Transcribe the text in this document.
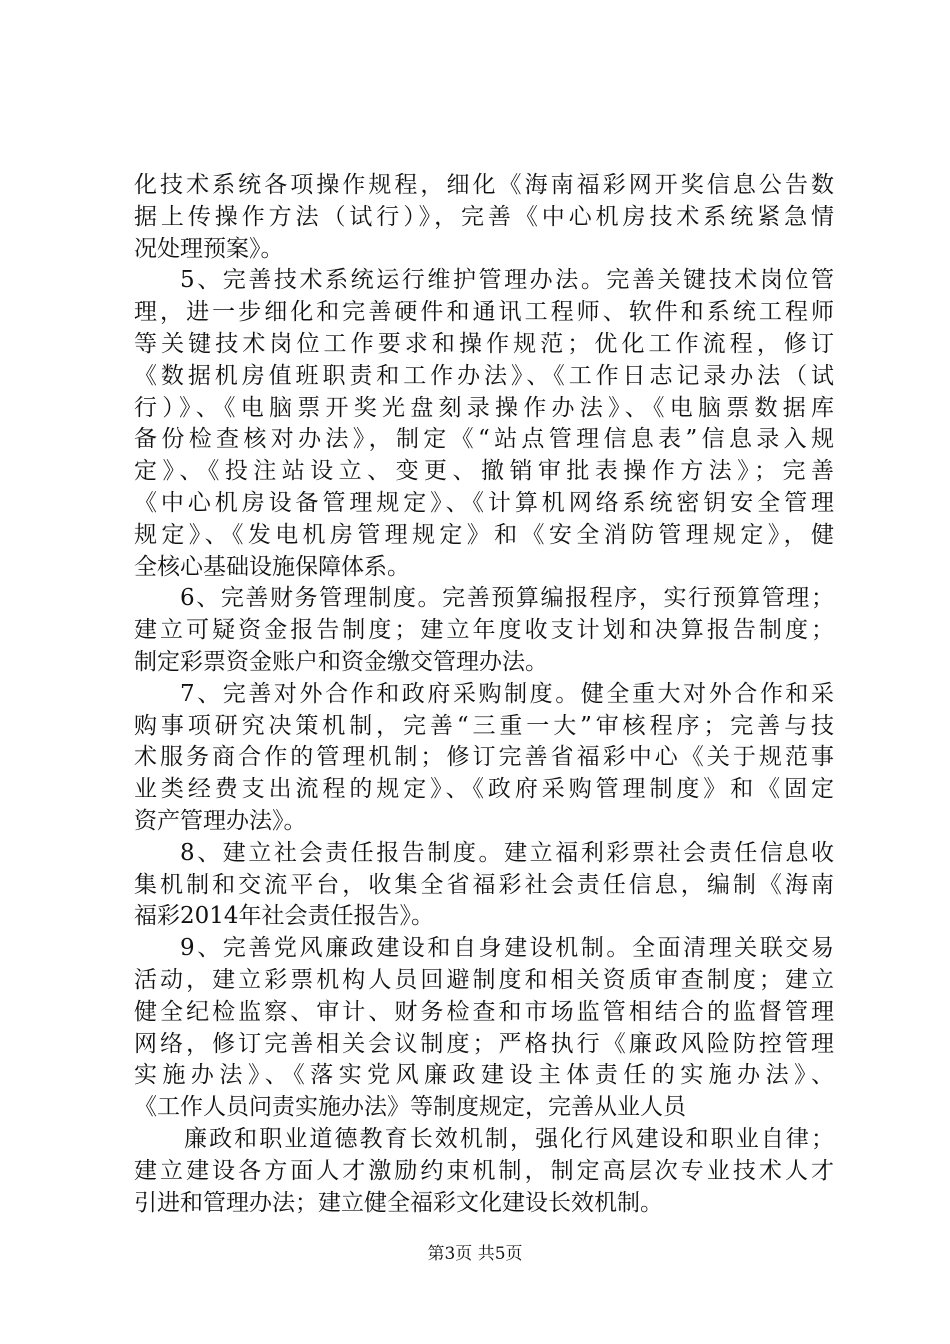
化技术系统各项操作规程，细化《海南福彩网开奖信息公告数
据上传操作方法（试行）》，完善《中心机房技术系统紧急情
况处理预案》。
5、完善技术系统运行维护管理办法。完善关键技术岗位管
理，进一步细化和完善硬件和通讯工程师、软件和系统工程师
等关键技术岗位工作要求和操作规范；优化工作流程，修订
《数据机房值班职责和工作办法》、《工作日志记录办法（试
行）》、《电脑票开奖光盘刻录操作办法》、《电脑票数据库
备份检查核对办法》，制定《“站点管理信息表”信息录入规
定》、《投注站设立、变更、撤销审批表操作方法》；完善
《中心机房设备管理规定》、《计算机网络系统密钥安全管理
规定》、《发电机房管理规定》和《安全消防管理规定》，健
全核心基础设施保障体系。
6、完善财务管理制度。完善预算编报程序，实行预算管理；
建立可疑资金报告制度；建立年度收支计划和决算报告制度；
制定彩票资金账户和资金缴交管理办法。
7、完善对外合作和政府采购制度。健全重大对外合作和采
购事项研究决策机制，完善“三重一大”审核程序；完善与技
术服务商合作的管理机制；修订完善省福彩中心《关于规范事
业类经费支出流程的规定》、《政府采购管理制度》和《固定
资产管理办法》。
8、建立社会责任报告制度。建立福利彩票社会责任信息收
集机制和交流平台，收集全省福彩社会责任信息，编制《海南
福彩2014年社会责任报告》。
9、完善党风廉政建设和自身建设机制。全面清理关联交易
活动，建立彩票机构人员回避制度和相关资质审查制度；建立
健全纪检监察、审计、财务检查和市场监管相结合的监督管理
网络，修订完善相关会议制度；严格执行《廉政风险防控管理
实施办法》、《落实党风廉政建设主体责任的实施办法》、
《工作人员问责实施办法》等制度规定，完善从业人员
廉政和职业道德教育长效机制，强化行风建设和职业自律；
建立建设各方面人才激励约束机制，制定高层次专业技术人才
引进和管理办法；建立健全福彩文化建设长效机制。
第3页 共5页
